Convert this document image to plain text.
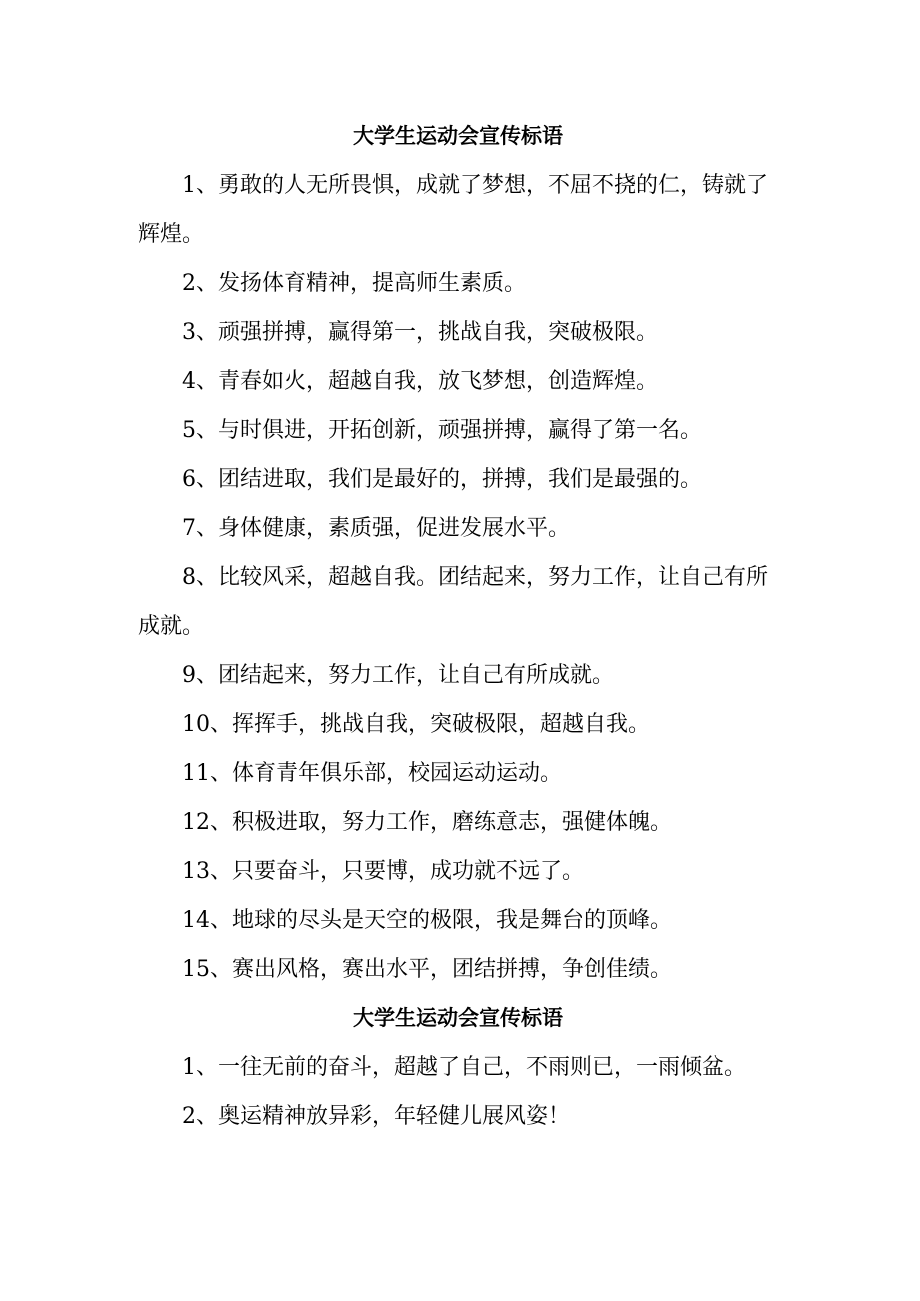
大学生运动会宣传标语

1、勇敢的人无所畏惧，成就了梦想，不屈不挠的仁，铸就了辉煌。

2、发扬体育精神，提高师生素质。

3、顽强拼搏，赢得第一，挑战自我，突破极限。

4、青春如火，超越自我，放飞梦想，创造辉煌。

5、与时俱进，开拓创新，顽强拼搏，赢得了第一名。

6、团结进取，我们是最好的，拼搏，我们是最强的。

7、身体健康，素质强，促进发展水平。

8、比较风采，超越自我。团结起来，努力工作，让自己有所成就。

9、团结起来，努力工作，让自己有所成就。

10、挥挥手，挑战自我，突破极限，超越自我。

11、体育青年俱乐部，校园运动运动。

12、积极进取，努力工作，磨练意志，强健体魄。

13、只要奋斗，只要博，成功就不远了。

14、地球的尽头是天空的极限，我是舞台的顶峰。

15、赛出风格，赛出水平，团结拼搏，争创佳绩。

大学生运动会宣传标语

1、一往无前的奋斗，超越了自己，不雨则已，一雨倾盆。

2、奥运精神放异彩，年轻健儿展风姿！
